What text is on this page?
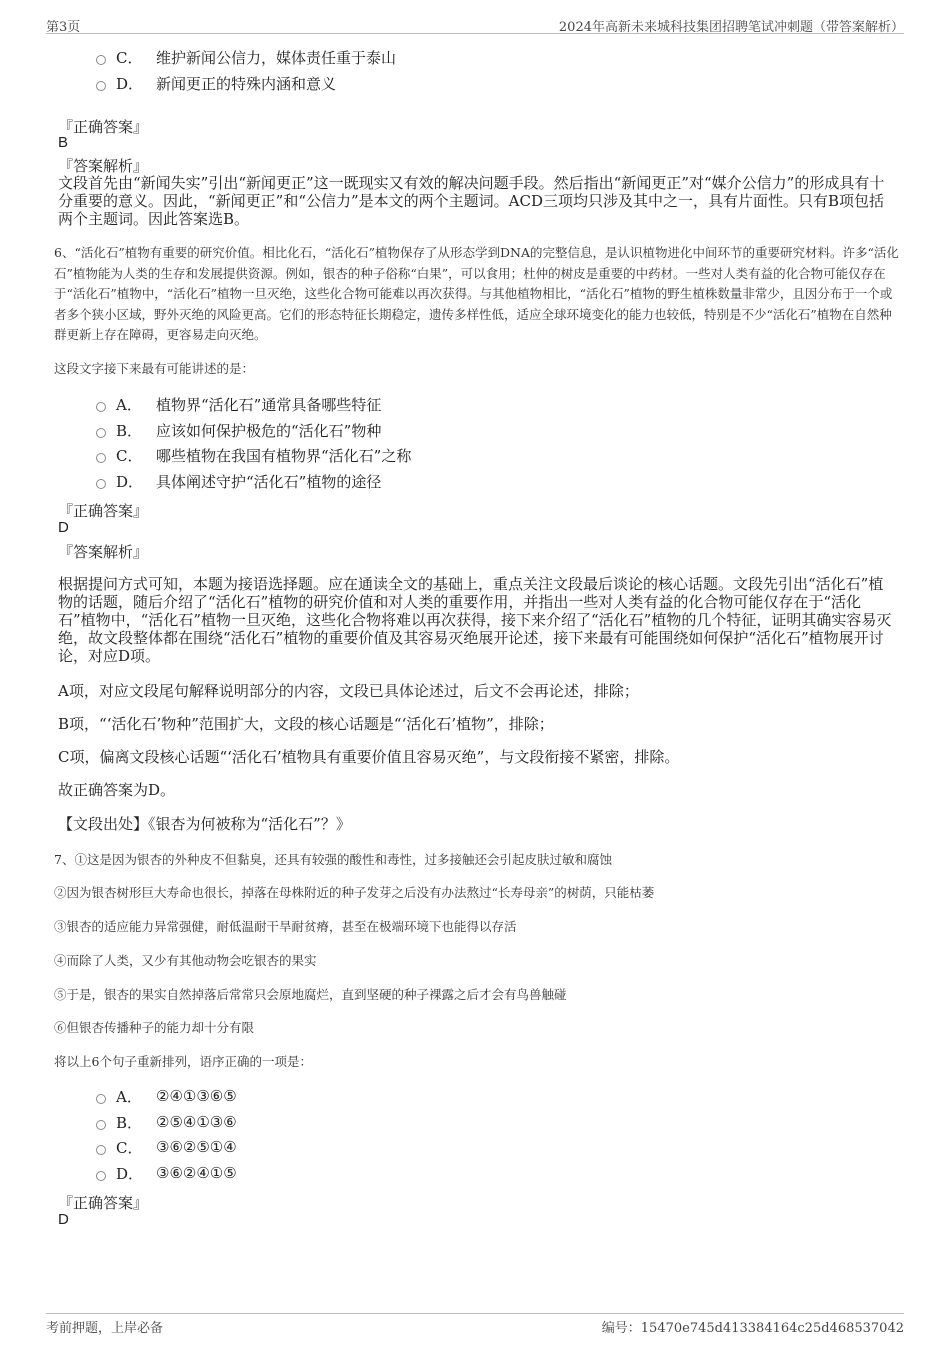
第3页	2024年高新未来城科技集团招聘笔试冲刺题（带答案解析）
C． 维护新闻公信力，媒体责任重于泰山
D． 新闻更正的特殊内涵和意义
『正确答案』
B
『答案解析』
文段首先由“新闻失实”引出“新闻更正”这一既现实又有效的解决问题手段。然后指出“新闻更正”对“媒介公信力”的形成具有十分重要的意义。因此，“新闻更正”和“公信力”是本文的两个主题词。ACD三项均只涉及其中之一，具有片面性。只有B项包括两个主题词。因此答案选B。
6、“活化石”植物有重要的研究价值。相比化石，“活化石”植物保存了从形态学到DNA的完整信息，是认识植物进化中间环节的重要研究材料。许多“活化石”植物能为人类的生存和发展提供资源。例如，银杏的种子俗称“白果”，可以食用；杜仲的树皮是重要的中药材。一些对人类有益的化合物可能仅存在于“活化石”植物中，“活化石”植物一旦灭绝，这些化合物可能难以再次获得。与其他植物相比，“活化石”植物的野生植株数量非常少，且因分布于一个或者多个狭小区域，野外灭绝的风险更高。它们的形态特征长期稳定，遗传多样性低，适应全球环境变化的能力也较低，特别是不少“活化石”植物在自然种群更新上存在障碍，更容易走向灭绝。
这段文字接下来最有可能讲述的是：
A． 植物界“活化石”通常具备哪些特征
B． 应该如何保护极危的“活化石”物种
C． 哪些植物在我国有植物界“活化石”之称
D． 具体阐述守护“活化石”植物的途径
『正确答案』
D
『答案解析』
根据提问方式可知，本题为接语选择题。应在通读全文的基础上，重点关注文段最后谈论的核心话题。文段先引出“活化石”植物的话题，随后介绍了“活化石”植物的研究价值和对人类的重要作用，并指出一些对人类有益的化合物可能仅存在于“活化石”植物中，“活化石”植物一旦灭绝，这些化合物将难以再次获得，接下来介绍了“活化石”植物的几个特征，证明其确实容易灭绝，故文段整体都在围绕“活化石”植物的重要价值及其容易灭绝展开论述，接下来最有可能围绕如何保护“活化石”植物展开讨论，对应D项。
A项，对应文段尾句解释说明部分的内容，文段已具体论述过，后文不会再论述，排除；
B项，“‘活化石’物种”范围扩大，文段的核心话题是“‘活化石’植物”，排除；
C项，偏离文段核心话题“‘活化石’植物具有重要价值且容易灭绝”，与文段衔接不紧密，排除。
故正确答案为D。
【文段出处】《银杏为何被称为“活化石”？》
7、①这是因为银杏的外种皮不但黏臭，还具有较强的酸性和毒性，过多接触还会引起皮肤过敏和腐蚀
②因为银杏树形巨大寿命也很长，掉落在母株附近的种子发芽之后没有办法熬过“长寿母亲”的树荫，只能枯萎
③银杏的适应能力异常强健，耐低温耐干旱耐贫瘠，甚至在极端环境下也能得以存活
④而除了人类，又少有其他动物会吃银杏的果实
⑤于是，银杏的果实自然掉落后常常只会原地腐烂，直到坚硬的种子裸露之后才会有鸟兽触碰
⑥但银杏传播种子的能力却十分有限
将以上6个句子重新排列，语序正确的一项是：
A． ②④①③⑥⑤
B． ②⑤④①③⑥
C． ③⑥②⑤①④
D． ③⑥②④①⑤
『正确答案』
D
考前押题，上岸必备	编号：15470e745d413384164c25d468537042
